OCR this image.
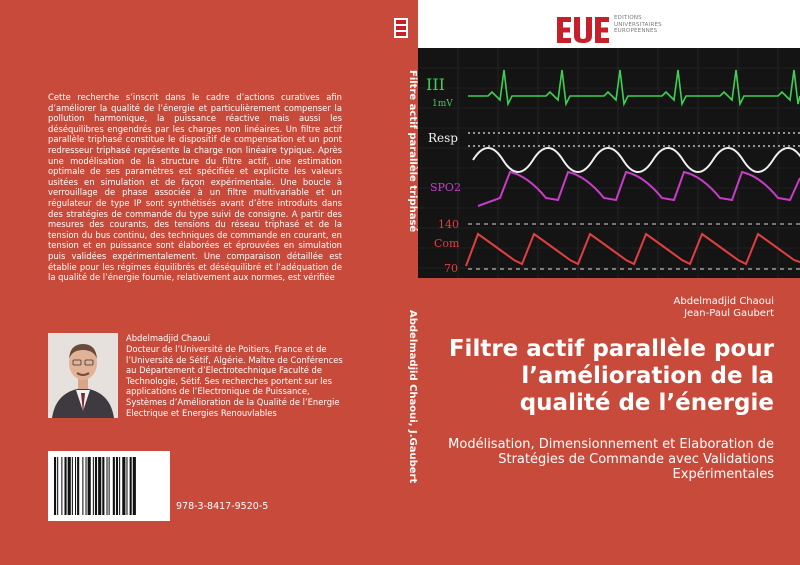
Cette recherche s’inscrit dans le cadre d’actions curatives afin d’améliorer la qualité de l’énergie et particulièrement compenser la pollution harmonique, la puissance réactive mais aussi les déséquilibres engendrés par les charges non linéaires. Un filtre actif parallèle triphasé constitue le dispositif de compensation et un pont redresseur triphasé représente la charge non linéaire typique. Après une modélisation de la structure du filtre actif, une estimation optimale de ses paramètres est spécifiée et explicite les valeurs usitées en simulation et de façon expérimentale. Une boucle à verrouillage de phase associée à un filtre multivariable et un régulateur de type IP sont synthétisés avant d’être introduits dans des stratégies de commande du type suivi de consigne. A partir des mesures des courants, des tensions du réseau triphasé et de la tension du bus continu, des techniques de commande en courant, en tension et en puissance sont élaborées et éprouvées en simulation puis validées expérimentalement. Une comparaison détaillée est établie pour les régimes équilibrés et déséquilibré et l’adéquation de la qualité de l’énergie fournie, relativement aux normes, est vérifiée
Abdelmadjid Chaoui
Docteur de l’Université de Poitiers, France et de l’Université de Sétif, Algérie. Maître de Conférences au Département d’Electrotechnique Faculté de Technologie, Sétif. Ses recherches portent sur les applications de l’Electronique de Puissance, Systèmes d’Amélioration de la Qualité de l’Energie Electrique et Energies Renouvlables
978-3-8417-9520-5
Filtre actif parallèle triphasé
Abdelmadjid Chaoui, J.Gaubert
EDITIONS
UNIVERSITAIRES
EUROPEENNES
III
1mV
Resp
SPO2
140
Com
70
Abdelmadjid Chaoui
Jean-Paul Gaubert
Filtre actif parallèle pour l’amélioration de la qualité de l’énergie
Modélisation, Dimensionnement et Elaboration de Stratégies de Commande avec Validations Expérimentales
